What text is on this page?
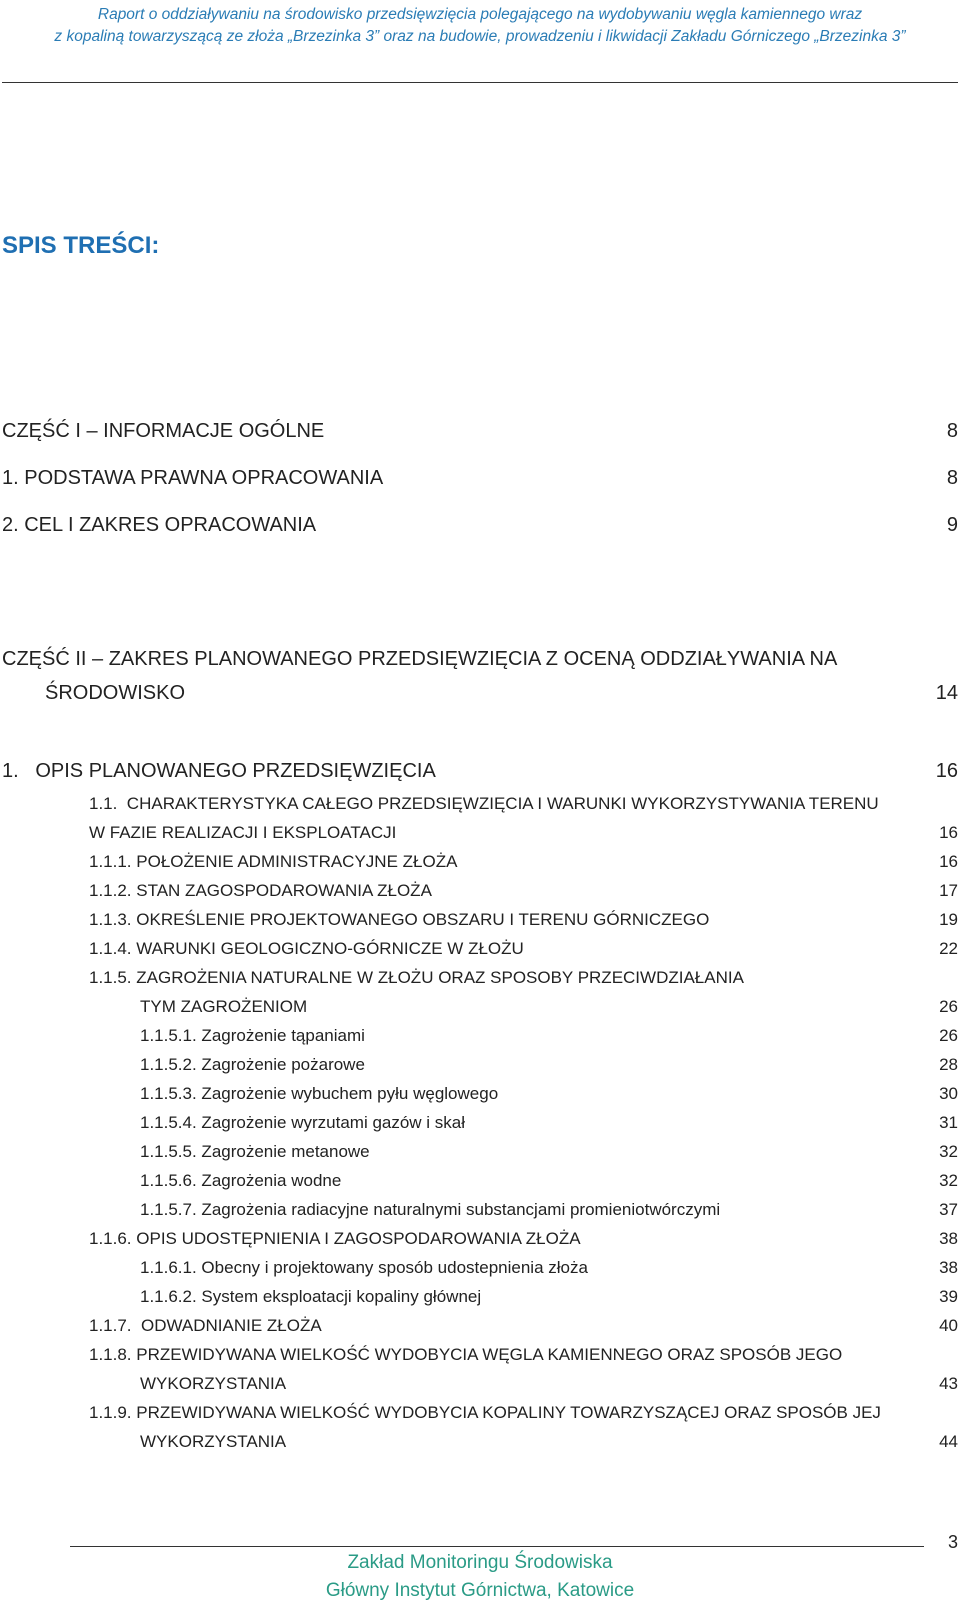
Raport o oddziaływaniu na środowisko przedsięwzięcia polegającego na wydobywaniu węgla kamiennego wraz
z kopaliną towarzyszącą ze złoża „Brzezinka 3” oraz na budowie, prowadzeniu i likwidacji Zakładu Górniczego „Brzezinka 3”
SPIS TREŚCI:
CZĘŚĆ I – INFORMACJE OGÓLNE	8
1. PODSTAWA PRAWNA OPRACOWANIA	8
2. CEL I ZAKRES OPRACOWANIA	9
CZĘŚĆ II – ZAKRES PLANOWANEGO PRZEDSIĘWZIĘCIA Z OCENĄ ODDZIAŁYWANIA NA
ŚRODOWISKO	14
1.   OPIS PLANOWANEGO PRZEDSIĘWZIĘCIA	16
1.1.  CHARAKTERYSTYKA CAŁEGO PRZEDSIĘWZIĘCIA I WARUNKI WYKORZYSTYWANIA TERENU
W FAZIE REALIZACJI I EKSPLOATACJI	16
1.1.1. POŁOŻENIE ADMINISTRACYJNE ZŁOŻA	16
1.1.2. STAN ZAGOSPODAROWANIA ZŁOŻA	17
1.1.3. OKREŚLENIE PROJEKTOWANEGO OBSZARU I TERENU GÓRNICZEGO	19
1.1.4. WARUNKI GEOLOGICZNO-GÓRNICZE W ZŁOŻU	22
1.1.5. ZAGROŻENIA NATURALNE W ZŁOŻU ORAZ SPOSOBY PRZECIWDZIAŁANIA
TYM ZAGROŻENIOM	26
1.1.5.1. Zagrożenie tąpaniami	26
1.1.5.2. Zagrożenie pożarowe	28
1.1.5.3. Zagrożenie wybuchem pyłu węglowego	30
1.1.5.4. Zagrożenie wyrzutami gazów i skał	31
1.1.5.5. Zagrożenie metanowe	32
1.1.5.6. Zagrożenia wodne	32
1.1.5.7. Zagrożenia radiacyjne naturalnymi substancjami promieniotwórczymi	37
1.1.6. OPIS UDOSTĘPNIENIA I ZAGOSPODAROWANIA ZŁOŻA	38
1.1.6.1. Obecny i projektowany sposób udostepnienia złoża	38
1.1.6.2. System eksploatacji kopaliny głównej	39
1.1.7.  ODWADNIANIE ZŁOŻA	40
1.1.8. PRZEWIDYWANA WIELKOŚĆ WYDOBYCIA WĘGLA KAMIENNEGO ORAZ SPOSÓB JEGO
WYKORZYSTANIA	43
1.1.9. PRZEWIDYWANA WIELKOŚĆ WYDOBYCIA KOPALINY TOWARZYSZĄCEJ ORAZ SPOSÓB JEJ
WYKORZYSTANIA	44
3
Zakład Monitoringu Środowiska
Główny Instytut Górnictwa, Katowice
